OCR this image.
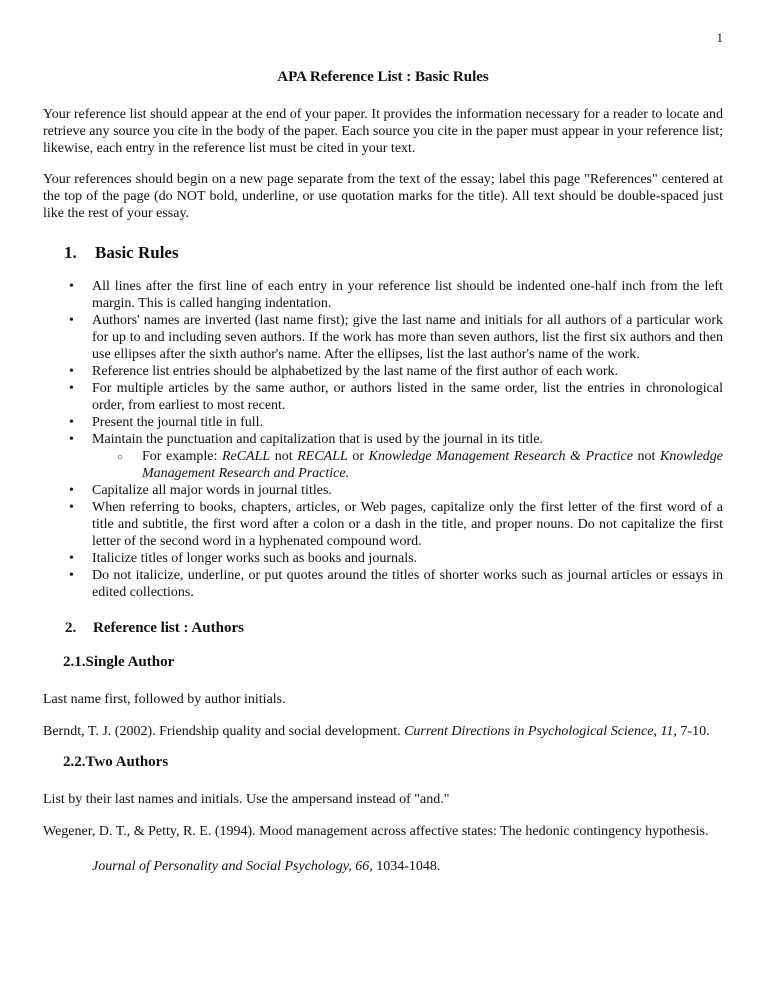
1
APA Reference List : Basic Rules

Your reference list should appear at the end of your paper. It provides the information necessary for a reader to locate and retrieve any source you cite in the body of the paper. Each source you cite in the paper must appear in your reference list; likewise, each entry in the reference list must be cited in your text.

Your references should begin on a new page separate from the text of the essay; label this page "References" centered at the top of the page (do NOT bold, underline, or use quotation marks for the title). All text should be double-spaced just like the rest of your essay.

1. Basic Rules
• All lines after the first line of each entry in your reference list should be indented one-half inch from the left margin. This is called hanging indentation.
• Authors' names are inverted (last name first); give the last name and initials for all authors of a particular work for up to and including seven authors. If the work has more than seven authors, list the first six authors and then use ellipses after the sixth author's name. After the ellipses, list the last author's name of the work.
• Reference list entries should be alphabetized by the last name of the first author of each work.
• For multiple articles by the same author, or authors listed in the same order, list the entries in chronological order, from earliest to most recent.
• Present the journal title in full.
• Maintain the punctuation and capitalization that is used by the journal in its title.
○ For example: ReCALL not RECALL or Knowledge Management Research & Practice not Knowledge Management Research and Practice.
• Capitalize all major words in journal titles.
• When referring to books, chapters, articles, or Web pages, capitalize only the first letter of the first word of a title and subtitle, the first word after a colon or a dash in the title, and proper nouns. Do not capitalize the first letter of the second word in a hyphenated compound word.
• Italicize titles of longer works such as books and journals.
• Do not italicize, underline, or put quotes around the titles of shorter works such as journal articles or essays in edited collections.
2. Reference list : Authors
2.1.Single Author

Last name first, followed by author initials.

Berndt, T. J. (2002). Friendship quality and social development. Current Directions in Psychological Science, 11, 7-10.

2.2.Two Authors

List by their last names and initials. Use the ampersand instead of "and."

Wegener, D. T., & Petty, R. E. (1994). Mood management across affective states: The hedonic contingency hypothesis. Journal of Personality and Social Psychology, 66, 1034-1048.
